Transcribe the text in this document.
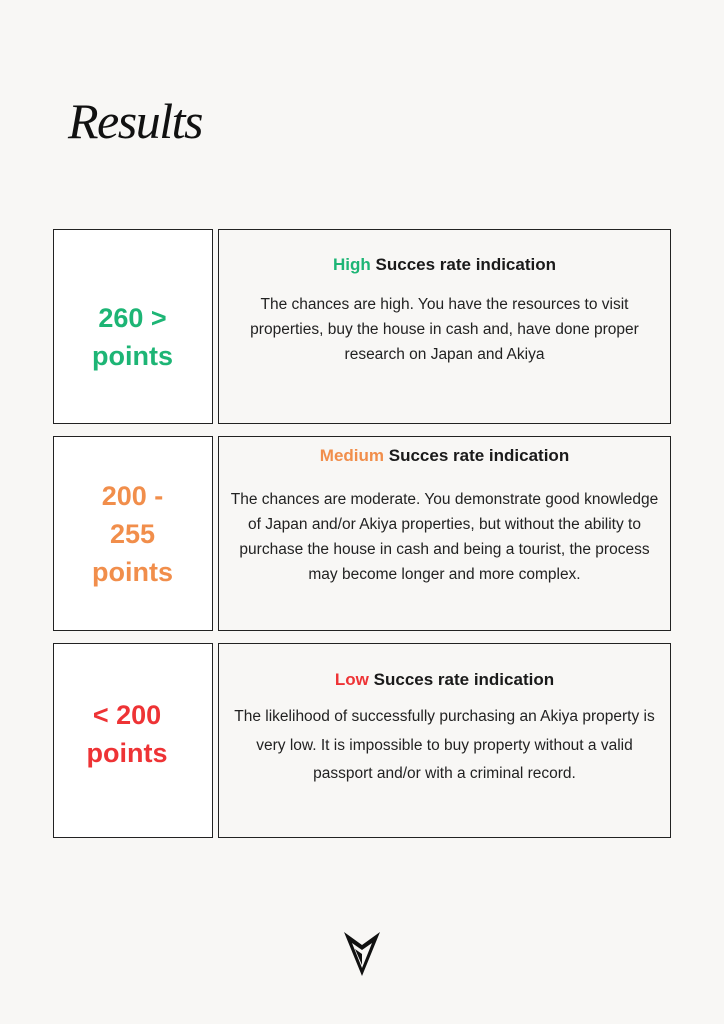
Results
260 >
points
High Succes rate indication
The chances are high. You have the resources to visit properties, buy the house in cash and, have done proper research on Japan and Akiya
200 -
255
points
Medium Succes rate indication
The chances are moderate. You demonstrate good knowledge of Japan and/or Akiya properties, but without the ability to purchase the house in cash and being a tourist, the process may become longer and more complex.
< 200
points
Low Succes rate indication
The likelihood of successfully purchasing an Akiya property is very low. It is impossible to buy property without a valid passport and/or with a criminal record.
